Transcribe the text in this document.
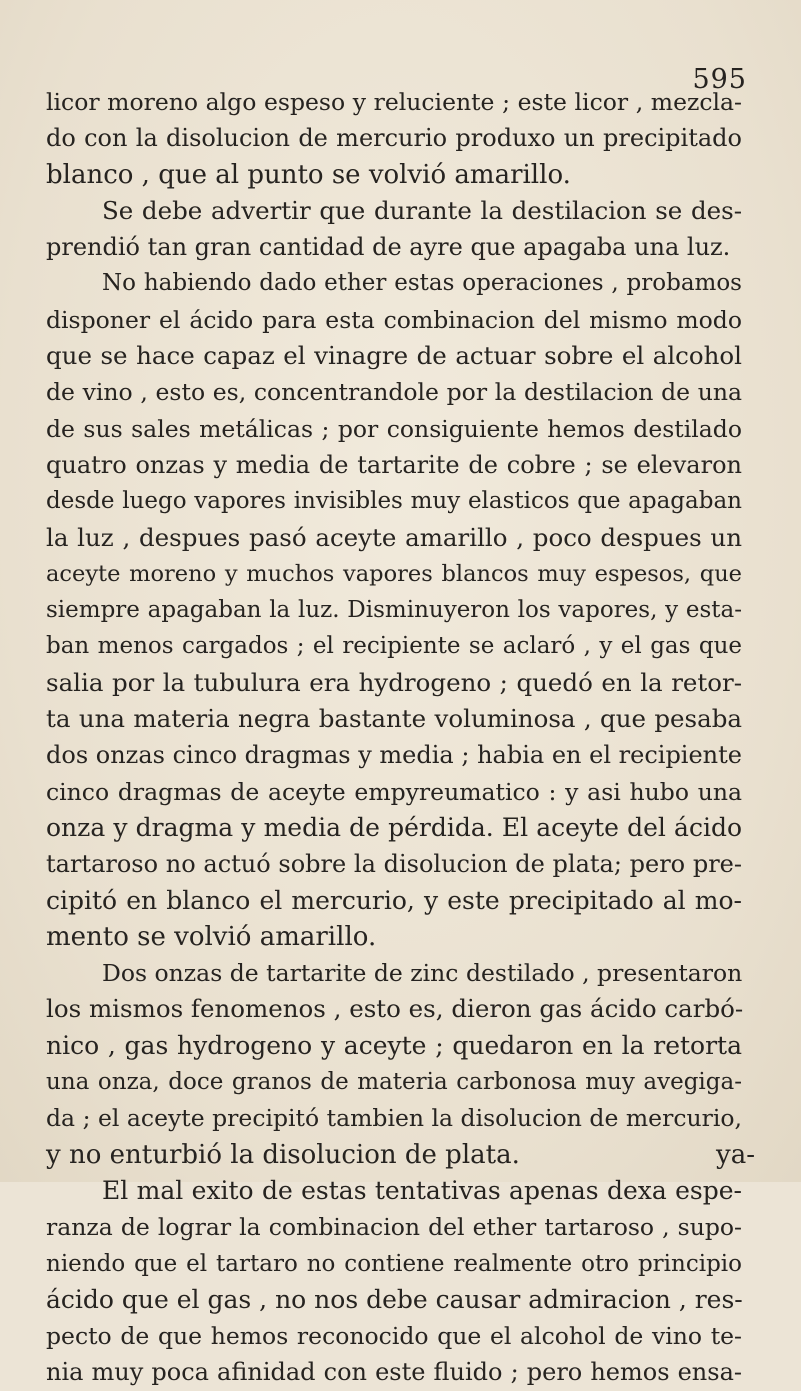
595
licor moreno algo espeso y reluciente ; este licor , mezcla-
do con la disolucion de mercurio produxo un precipitado
blanco , que al punto se volvió amarillo.
Se debe advertir que durante la destilacion se des-
prendió tan gran cantidad de ayre que apagaba una luz.
No habiendo dado ether estas operaciones , probamos
disponer el ácido para esta combinacion del mismo modo
que se hace capaz el vinagre de actuar sobre el alcohol
de vino , esto es, concentrandole por la destilacion de una
de sus sales metálicas ; por consiguiente hemos destilado
quatro onzas y media de tartarite de cobre ; se elevaron
desde luego vapores invisibles muy elasticos que apagaban
la luz , despues pasó aceyte amarillo , poco despues un
aceyte moreno y muchos vapores blancos muy espesos, que
siempre apagaban la luz. Disminuyeron los vapores, y esta-
ban menos cargados ; el recipiente se aclaró , y el gas que
salia por la tubulura era hydrogeno ; quedó en la retor-
ta una materia negra bastante voluminosa , que pesaba
dos onzas cinco dragmas y media ; habia en el recipiente
cinco dragmas de aceyte empyreumatico : y asi hubo una
onza y dragma y media de pérdida. El aceyte del ácido
tartaroso no actuó sobre la disolucion de plata; pero pre-
cipitó en blanco el mercurio, y este precipitado al mo-
mento se volvió amarillo.
Dos onzas de tartarite de zinc destilado , presentaron
los mismos fenomenos , esto es, dieron gas ácido carbó-
nico , gas hydrogeno y aceyte ; quedaron en la retorta
una onza, doce granos de materia carbonosa muy avegiga-
da ; el aceyte precipitó tambien la disolucion de mercurio,
y no enturbió la disolucion de plata.
El mal exito de estas tentativas apenas dexa espe-
ranza de lograr la combinacion del ether tartaroso , supo-
niendo que el tartaro no contiene realmente otro principio
ácido que el gas , no nos debe causar admiracion , res-
pecto de que hemos reconocido que el alcohol de vino te-
nia muy poca afinidad con este fluido ; pero hemos ensa-
ya-
